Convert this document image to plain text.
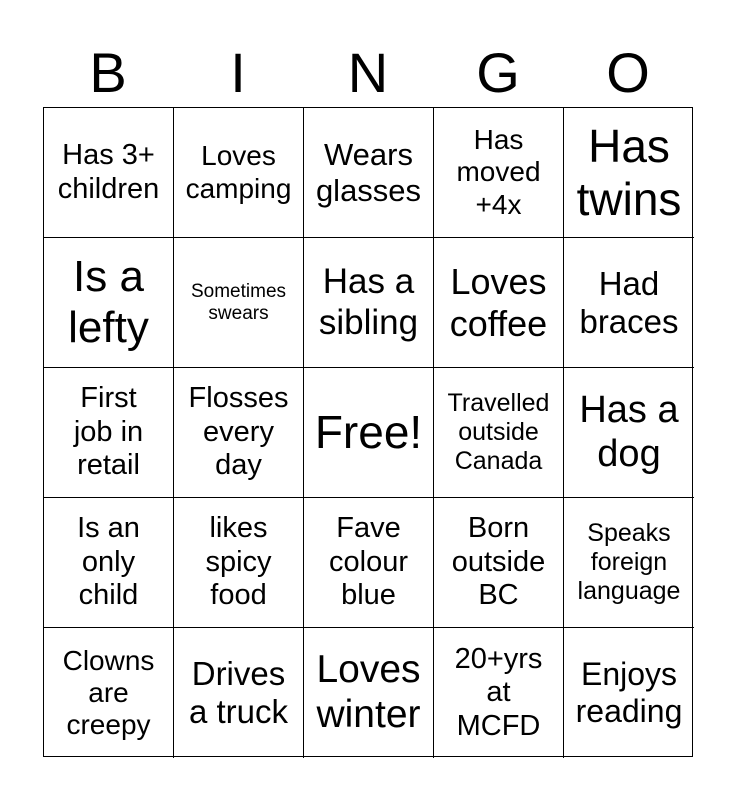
B	I	N	G	O
Has 3+
children
Loves
camping
Wears
glasses
Has
moved
+4x
Has
twins
Is a
lefty
Sometimes
swears
Has a
sibling
Loves
coffee
Had
braces
First
job in
retail
Flosses
every
day
Free!
Travelled
outside
Canada
Has a
dog
Is an
only
child
likes
spicy
food
Fave
colour
blue
Born
outside
BC
Speaks
foreign
language
Clowns
are
creepy
Drives
a truck
Loves
winter
20+yrs
at
MCFD
Enjoys
reading
